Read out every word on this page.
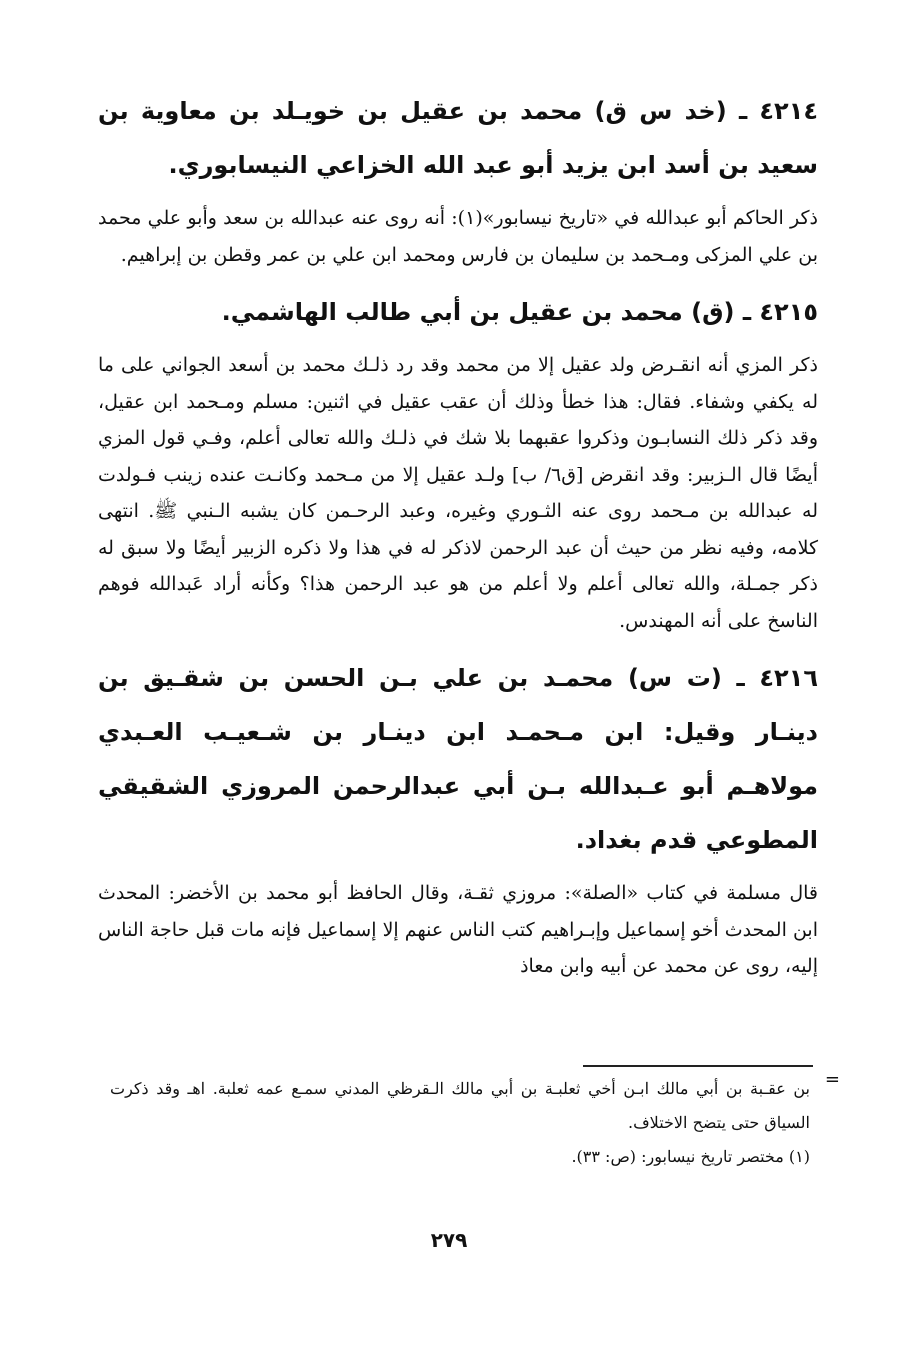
٤٢١٤ ـ (خد س ق) محمد بن عقيل بن خويـلد بن معاوية بن سعيد بن أسد ابن يزيد أبو عبد الله الخزاعي النيسابوري.

ذكر الحاكم أبو عبدالله في «تاريخ نيسابور»(١): أنه روى عنه عبدالله بن سعد وأبو علي محمد بن علي المزكى ومـحمد بن سليمان بن فارس ومحمد ابن علي بن عمر وقطن بن إبراهيم.

٤٢١٥ ـ (ق) محمد بن عقيل بن أبي طالب الهاشمي.

ذكر المزي أنه انقـرض ولد عقيل إلا من محمد وقد رد ذلـك محمد بن أسعد الجواني على ما له يكفي وشفاء. فقال: هذا خطأ وذلك أن عقب عقيل في اثنين: مسلم ومـحمد ابن عقيل، وقد ذكر ذلك النسابـون وذكروا عقبهما بلا شك في ذلـك والله تعالى أعلم، وفـي قول المزي أيضًا قال الـزبير: وقد انقرض [ق٦/ ب] ولـد عقيل إلا من مـحمد وكانـت عنده زينب فـولدت له عبدالله بن مـحمد روى عنه الثـوري وغيره، وعبد الرحـمن كان يشبه الـنبي ﷺ. انتهى كلامه، وفيه نظر من حيث أن عبد الرحمن لاذكر له في هذا ولا ذكره الزبير أيضًا ولا سبق له ذكر جمـلة، والله تعالى أعلم ولا أعلم من هو عبد الرحمن هذا؟ وكأنه أراد عَبدالله فوهم الناسخ على أنه المهندس.

٤٢١٦ ـ (ت س) محمـد بن علي بـن الحسن بن شقـيق بن دينـار وقيل: ابن مـحمـد ابن دينـار بن شـعيـب العـبدي مولاهـم أبو عـبدالله بـن أبي عبدالرحمن المروزي الشقيقي المطوعي قدم بغداد.

قال مسلمة في كتاب «الصلة»: مروزي ثقـة، وقال الحافظ أبو محمد بن الأخضر: المحدث ابن المحدث أخو إسماعيل وإبـراهيم كتب الناس عنهم إلا إسماعيل فإنه مات قبل حاجة الناس إليه، روى عن محمد عن أبيه وابن معاذ

=

بن عقـبة بن أبي مالك ابـن أخي ثعلبـة بن أبي مالك الـقرظي المدني سمـع عمه ثعلبة. اهـ وقد ذكرت السياق حتى يتضح الاختلاف.

(١) مختصر تاريخ نيسابور: (ص: ٣٣).

٢٧٩
